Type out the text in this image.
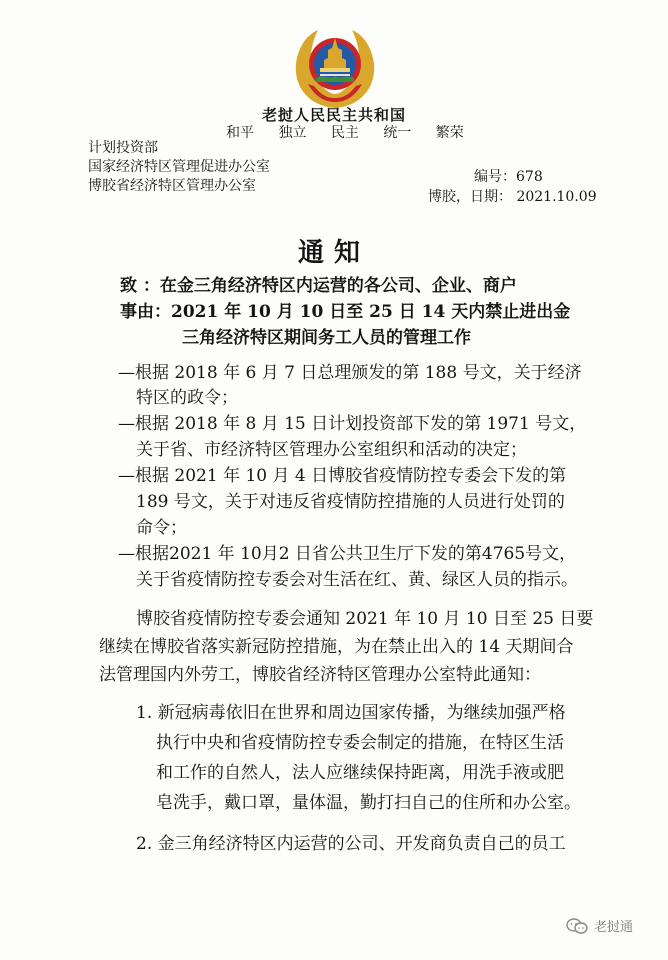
老挝人民民主共和国
和平 独立 民主 统一 繁荣
计划投资部
国家经济特区管理促进办公室
博胶省经济特区管理办公室
编号：678
博胶，日期： 2021.10.09
通知
致 ：在金三角经济特区内运营的各公司、企业、商户
事由：2021 年 10 月 10 日至 25 日 14 天内禁止进出金
三角经济特区期间务工人员的管理工作
—根据 2018 年 6 月 7 日总理颁发的第 188 号文，关于经济
特区的政令；
—根据 2018 年 8 月 15 日计划投资部下发的第 1971 号文，
关于省、市经济特区管理办公室组织和活动的决定；
—根据 2021 年 10 月 4 日博胶省疫情防控专委会下发的第
189 号文，关于对违反省疫情防控措施的人员进行处罚的
命令；
—根据2021 年 10月2 日省公共卫生厅下发的第4765号文，
关于省疫情防控专委会对生活在红、黄、绿区人员的指示。
博胶省疫情防控专委会通知 2021 年 10 月 10 日至 25 日要
继续在博胶省落实新冠防控措施，为在禁止出入的 14 天期间合
法管理国内外劳工，博胶省经济特区管理办公室特此通知：
1. 新冠病毒依旧在世界和周边国家传播，为继续加强严格
执行中央和省疫情防控专委会制定的措施，在特区生活
和工作的自然人，法人应继续保持距离，用洗手液或肥
皂洗手，戴口罩，量体温，勤打扫自己的住所和办公室。
2. 金三角经济特区内运营的公司、开发商负责自己的员工
老挝通
